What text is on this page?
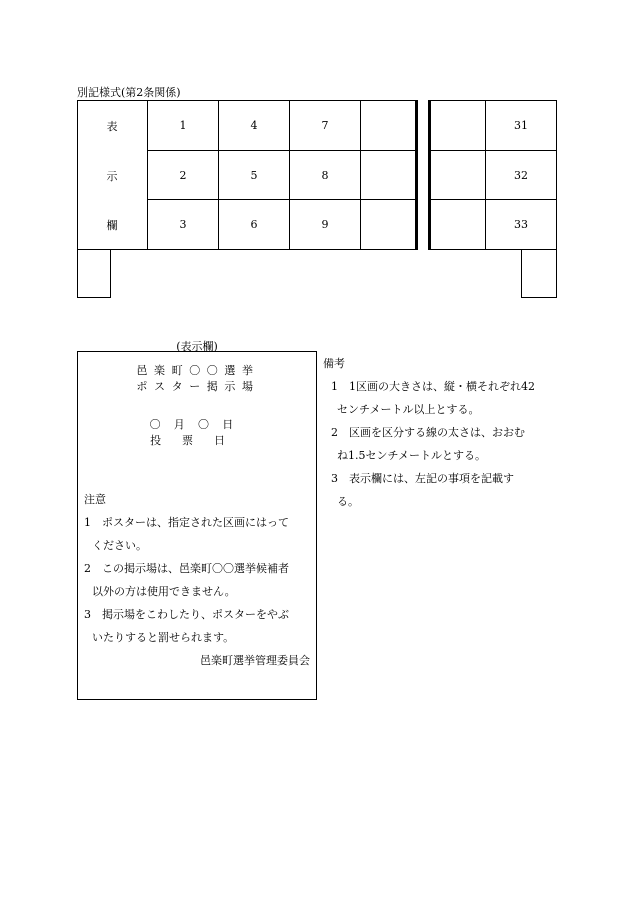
別記様式(第2条関係)
表
示
欄
1
2
3
4
5
6
7
8
9
31
32
33
(表示欄)
邑楽町〇〇選挙
ポスター掲示場
〇月〇日
投票日
注意
1　ポスターは、指定された区画にはって
ください。
2　この掲示場は、邑楽町〇〇選挙候補者
以外の方は使用できません。
3　掲示場をこわしたり、ポスターをやぶ
いたりすると罰せられます。
邑楽町選挙管理委員会
備考
1　1区画の大きさは、縦・横それぞれ42
センチメートル以上とする。
2　区画を区分する線の太さは、おおむ
ね1.5センチメートルとする。
3　表示欄には、左記の事項を記載す
る。
